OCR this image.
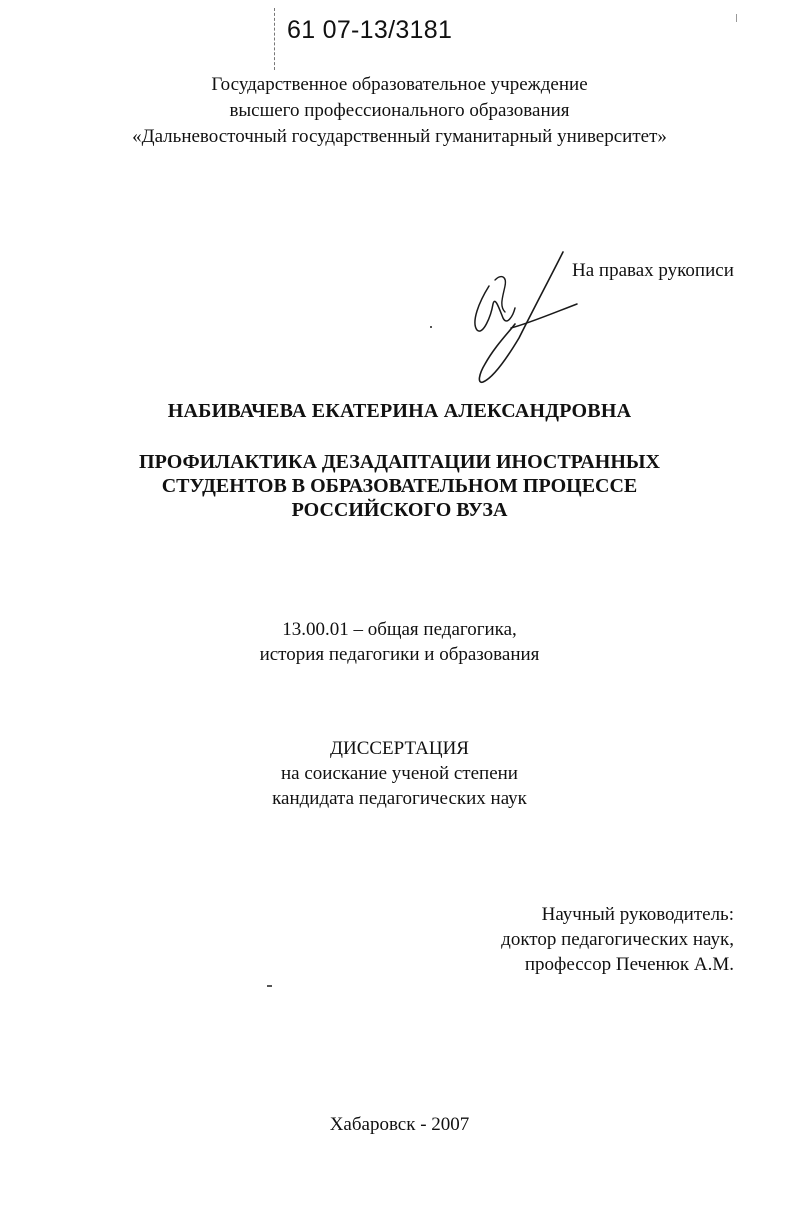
61 07-13/3181
Государственное образовательное учреждение
высшего профессионального образования
«Дальневосточный государственный гуманитарный университет»
На правах рукописи
НАБИВАЧЕВА ЕКАТЕРИНА АЛЕКСАНДРОВНА
ПРОФИЛАКТИКА ДЕЗАДАПТАЦИИ ИНОСТРАННЫХ
СТУДЕНТОВ В ОБРАЗОВАТЕЛЬНОМ ПРОЦЕССЕ
РОССИЙСКОГО ВУЗА
13.00.01 – общая педагогика,
история педагогики и образования
ДИССЕРТАЦИЯ
на соискание ученой степени
кандидата педагогических наук
Научный руководитель:
доктор педагогических наук,
профессор Печенюк А.М.
Хабаровск - 2007
